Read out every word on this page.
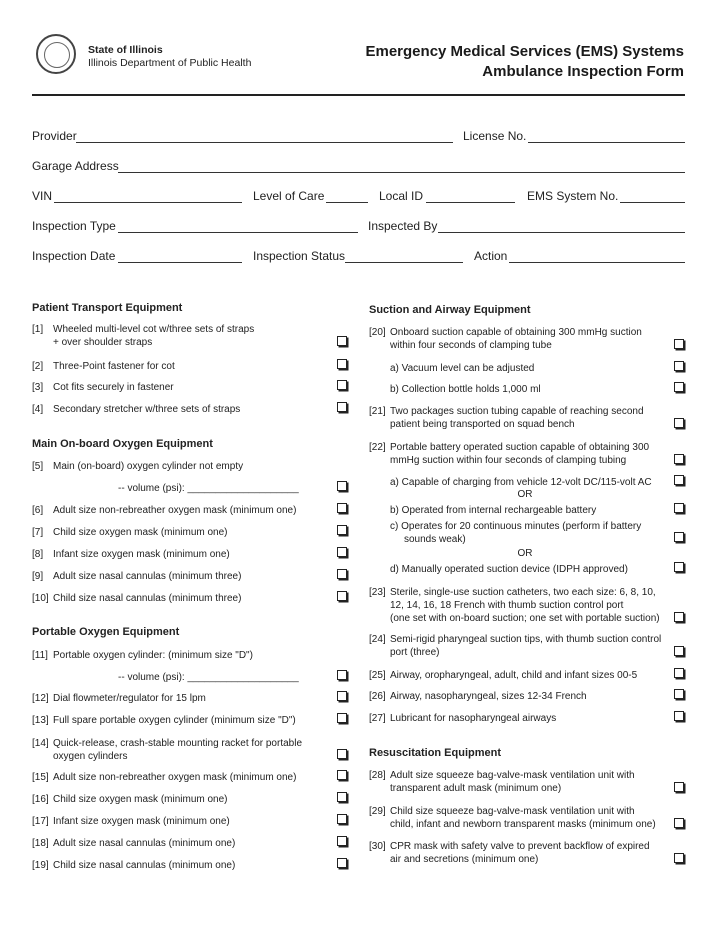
State of Illinois
Illinois Department of Public Health
Emergency Medical Services (EMS) Systems
Ambulance Inspection Form
Provider	License No.
Garage Address
VIN	Level of Care	Local ID	EMS System No.
Inspection Type	Inspected By
Inspection Date	Inspection Status	Action
Patient Transport Equipment
[1] Wheeled multi-level cot w/three sets of straps
+ over shoulder straps
[2] Three-Point fastener for cot
[3] Cot fits securely in fastener
[4] Secondary stretcher w/three sets of straps
Main On-board Oxygen Equipment
[5] Main (on-board) oxygen cylinder not empty
-- volume (psi): ____________________
[6] Adult size non-rebreather oxygen mask (minimum one)
[7] Child size oxygen mask (minimum one)
[8] Infant size oxygen mask (minimum one)
[9] Adult size nasal cannulas (minimum three)
[10] Child size nasal cannulas (minimum three)
Portable Oxygen Equipment
[11] Portable oxygen cylinder: (minimum size "D")
-- volume (psi): ____________________
[12] Dial flowmeter/regulator for 15 lpm
[13] Full spare portable oxygen cylinder (minimum size "D")
[14] Quick-release, crash-stable mounting racket for portable
oxygen cylinders
[15] Adult size non-rebreather oxygen mask (minimum one)
[16] Child size oxygen mask (minimum one)
[17] Infant size oxygen mask (minimum one)
[18] Adult size nasal cannulas (minimum one)
[19] Child size nasal cannulas (minimum one)
Suction and Airway Equipment
[20] Onboard suction capable of obtaining 300 mmHg suction
within four seconds of clamping tube
a) Vacuum level can be adjusted
b) Collection bottle holds 1,000 ml
[21] Two packages suction tubing capable of reaching second
patient being transported on squad bench
[22] Portable battery operated suction capable of obtaining 300
mmHg suction within four seconds of clamping tubing
a) Capable of charging from vehicle 12-volt DC/115-volt AC
OR
b) Operated from internal rechargeable battery
c) Operates for 20 continuous minutes (perform if battery
sounds weak)
OR
d) Manually operated suction device (IDPH approved)
[23] Sterile, single-use suction catheters, two each size: 6, 8, 10,
12, 14, 16, 18 French with thumb suction control port
(one set with on-board suction; one set with portable suction)
[24] Semi-rigid pharyngeal suction tips, with thumb suction control
port (three)
[25] Airway, oropharyngeal, adult, child and infant sizes 00-5
[26] Airway, nasopharyngeal, sizes 12-34 French
[27] Lubricant for nasopharyngeal airways
Resuscitation Equipment
[28] Adult size squeeze bag-valve-mask ventilation unit with
transparent adult mask (minimum one)
[29] Child size squeeze bag-valve-mask ventilation unit with
child, infant and newborn transparent masks (minimum one)
[30] CPR mask with safety valve to prevent backflow of expired
air and secretions (minimum one)
